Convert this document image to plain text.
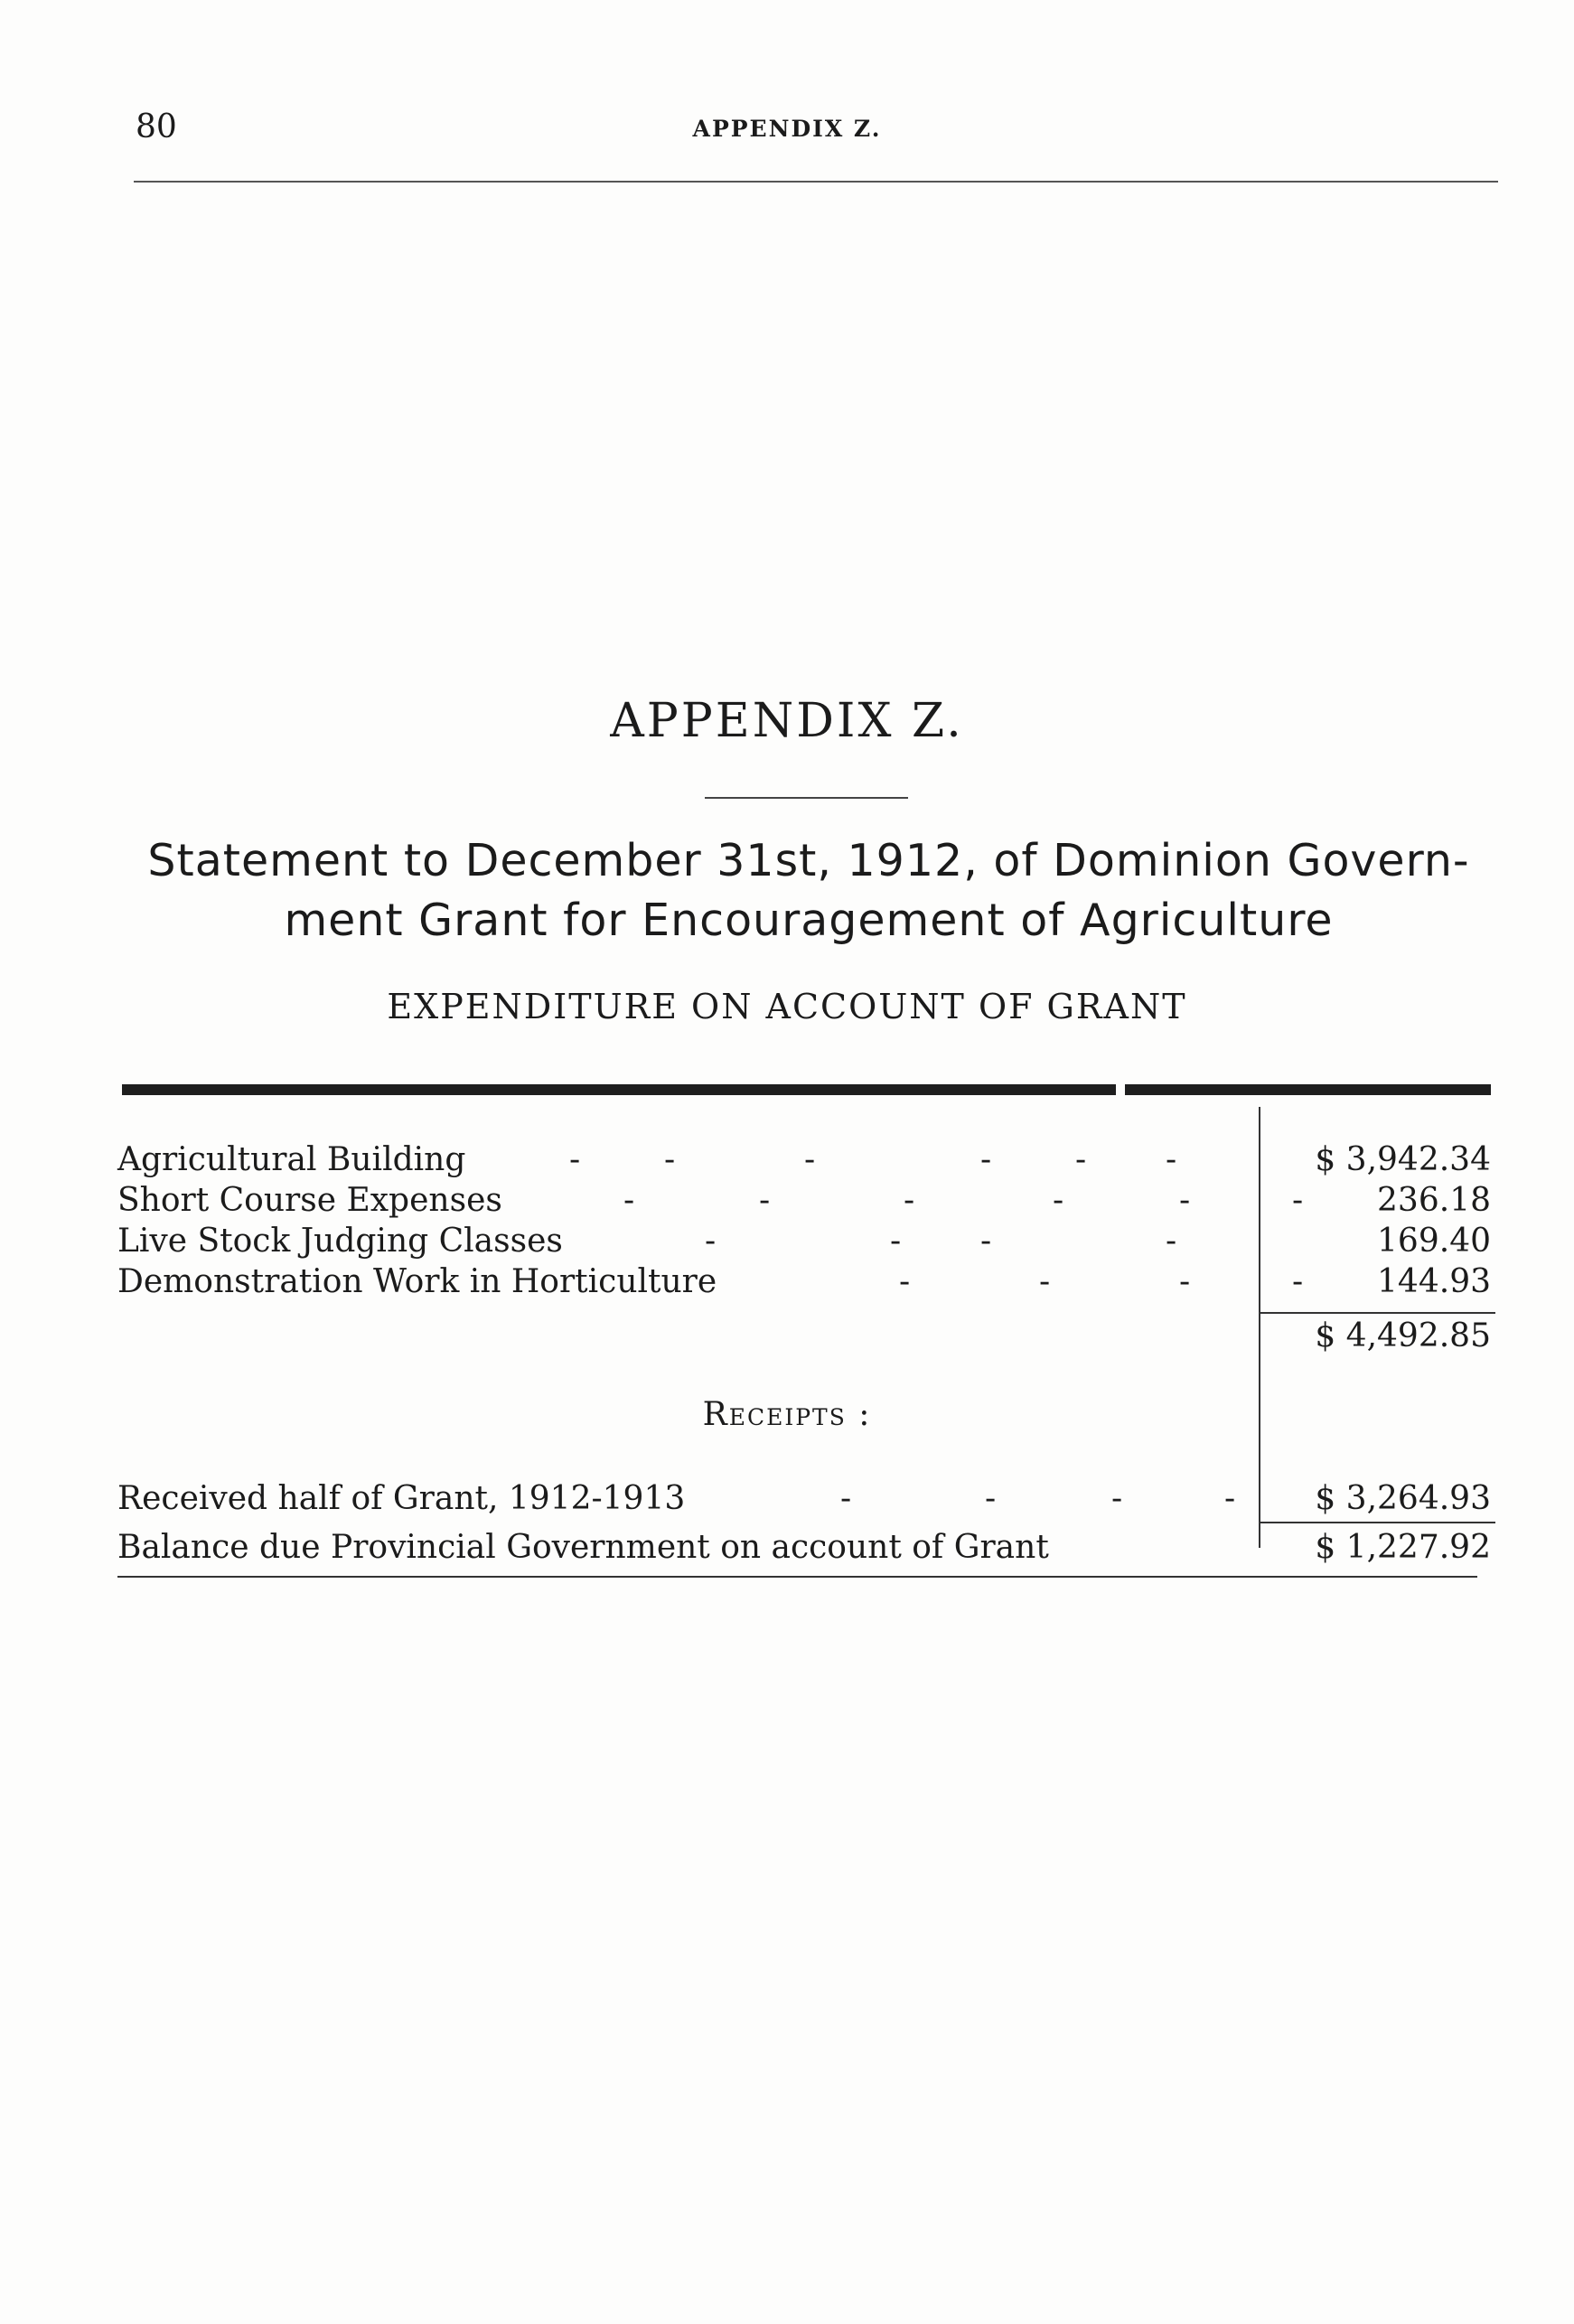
80	APPENDIX Z.
APPENDIX Z.
Statement to December 31st, 1912, of Dominion Govern-
ment Grant for Encouragement of Agriculture
EXPENDITURE ON ACCOUNT OF GRANT
Agricultural Building	-	-	-	-	- -	$ 3,942.34
Short Course Expenses	-	-	-	-	-	- 236.18
Live Stock Judging Classes	-	- -	-	169.40
Demonstration Work in Horticulture	-	-	-	- 144.93
$ 4,492.85
Receipts :
Received half of Grant, 1912-1913	-	-	-	- $ 3,264.93
Balance due Provincial Government on account of Grant	$ 1,227.92
